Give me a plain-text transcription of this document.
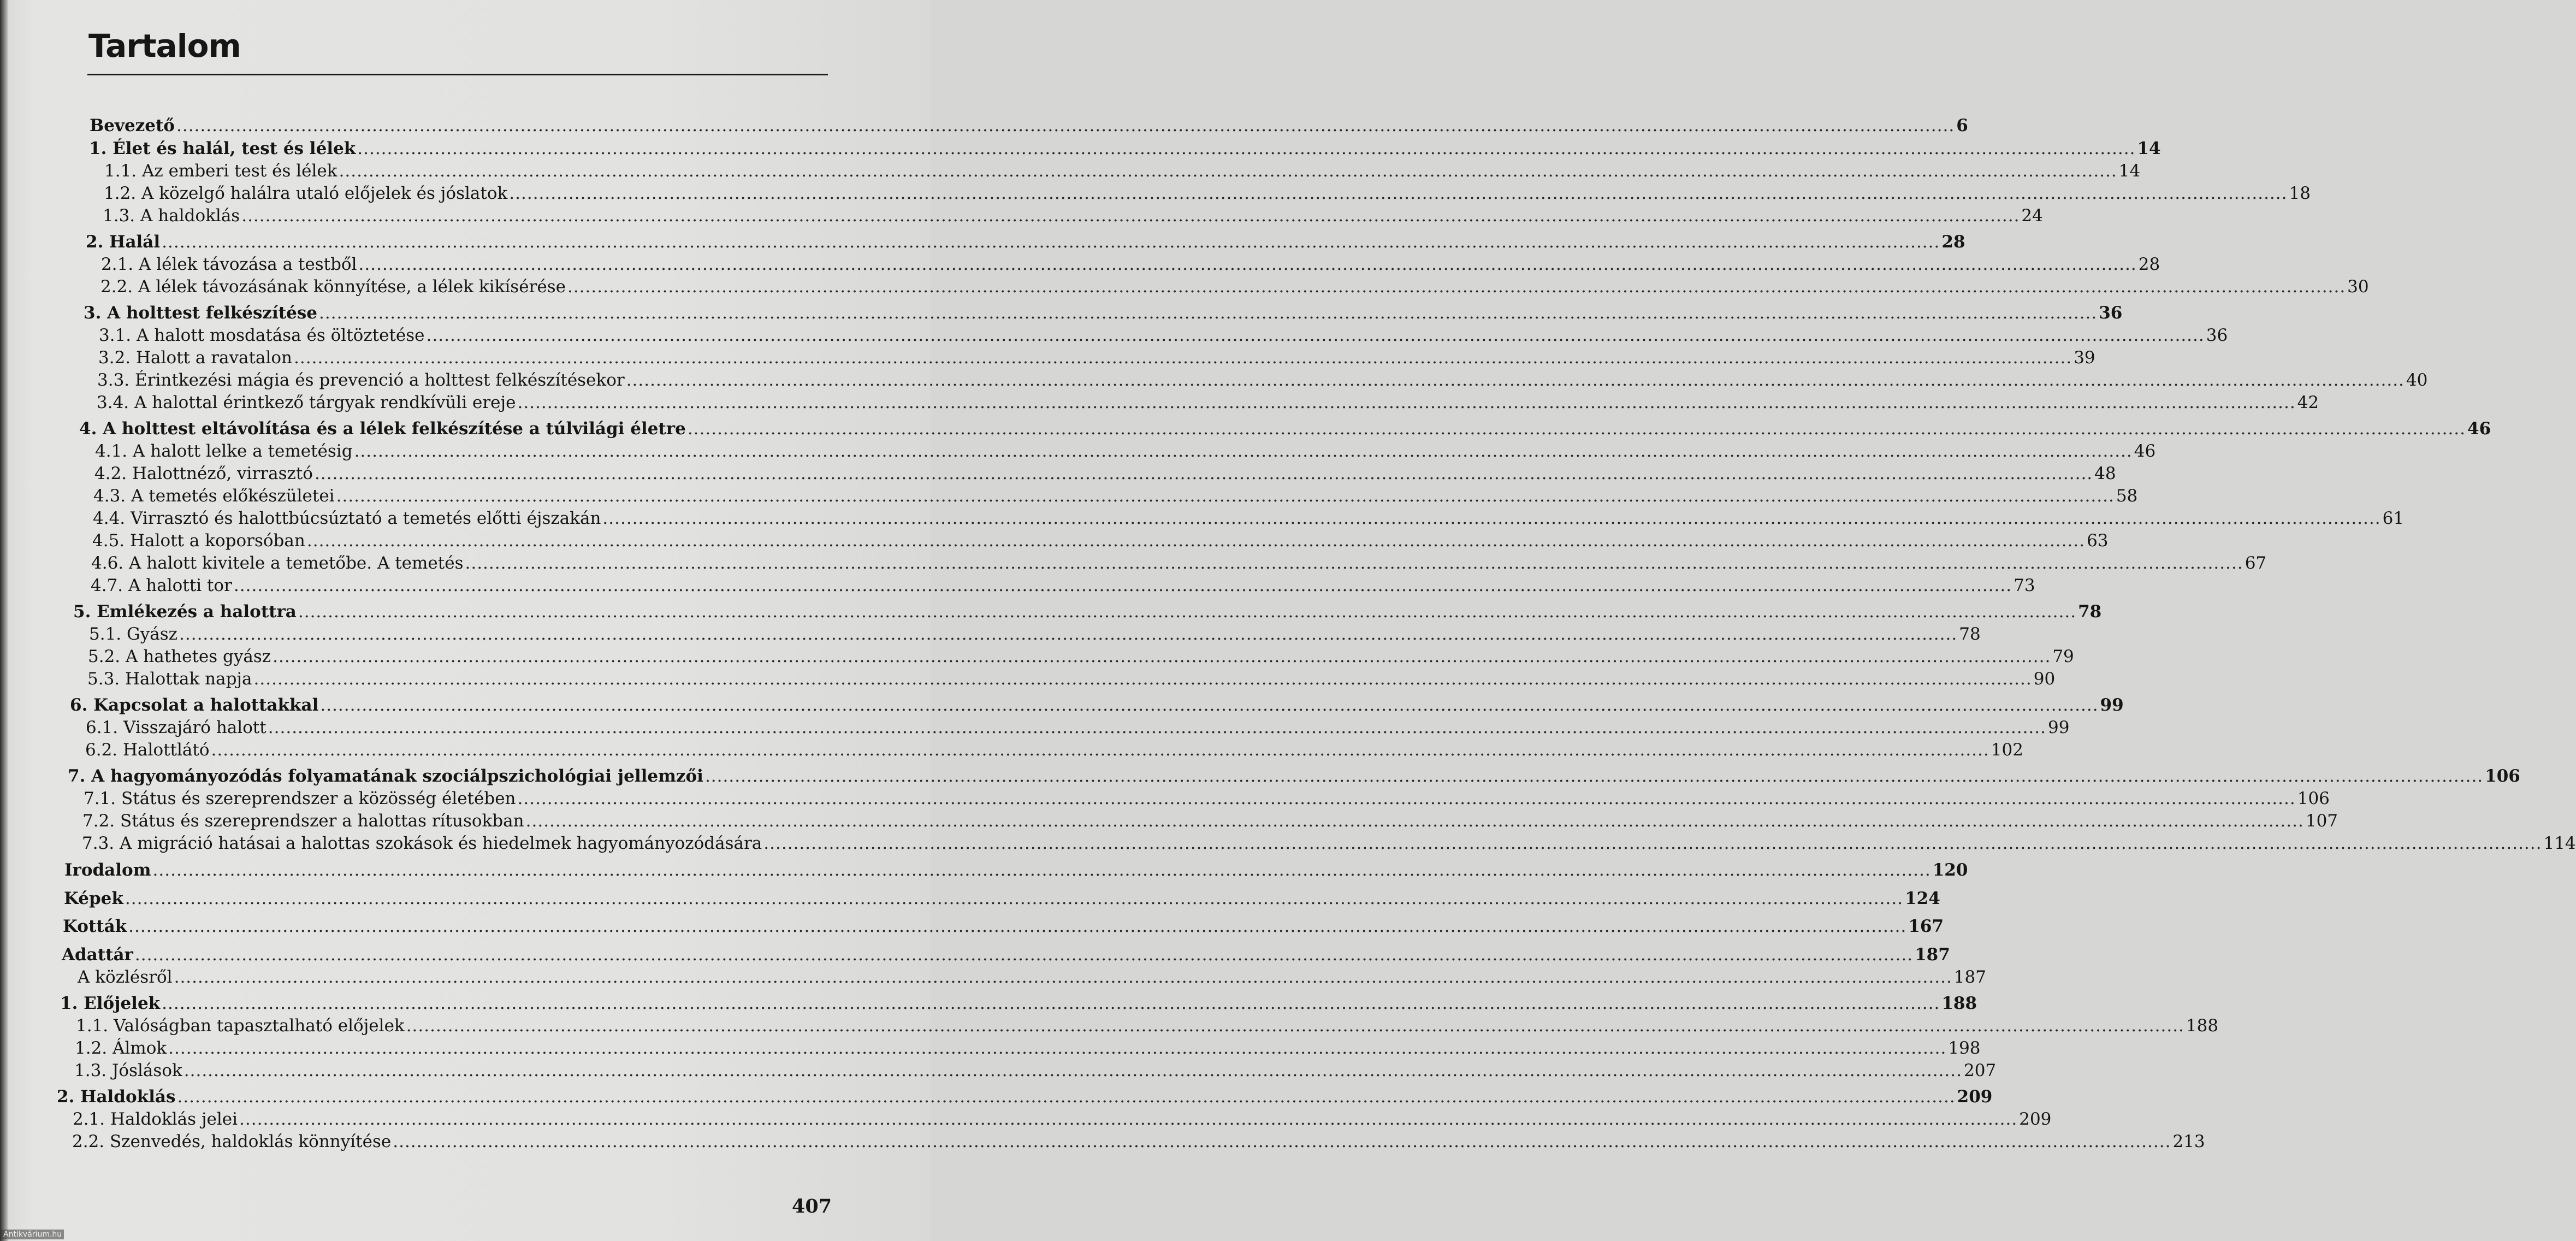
Tartalom
Bevezető ............................................................................................................................................................................................................................................................................................................ 6
1. Élet és halál, test és lélek ............................................................................................................................................................................................................................................................................................................ 14
1.1. Az emberi test és lélek ............................................................................................................................................................................................................................................................................................................ 14
1.2. A közelgő halálra utaló előjelek és jóslatok ............................................................................................................................................................................................................................................................................................................ 18
1.3. A haldoklás ............................................................................................................................................................................................................................................................................................................ 24
2. Halál ............................................................................................................................................................................................................................................................................................................ 28
2.1. A lélek távozása a testből ............................................................................................................................................................................................................................................................................................................ 28
2.2. A lélek távozásának könnyítése, a lélek kikísérése ............................................................................................................................................................................................................................................................................................................ 30
3. A holttest felkészítése ............................................................................................................................................................................................................................................................................................................ 36
3.1. A halott mosdatása és öltöztetése ............................................................................................................................................................................................................................................................................................................ 36
3.2. Halott a ravatalon ............................................................................................................................................................................................................................................................................................................ 39
3.3. Érintkezési mágia és prevenció a holttest felkészítésekor ............................................................................................................................................................................................................................................................................................................ 40
3.4. A halottal érintkező tárgyak rendkívüli ereje ............................................................................................................................................................................................................................................................................................................ 42
4. A holttest eltávolítása és a lélek felkészítése a túlvilági életre ............................................................................................................................................................................................................................................................................................................ 46
4.1. A halott lelke a temetésig ............................................................................................................................................................................................................................................................................................................ 46
4.2. Halottnéző, virrasztó ............................................................................................................................................................................................................................................................................................................ 48
4.3. A temetés előkészületei ............................................................................................................................................................................................................................................................................................................ 58
4.4. Virrasztó és halottbúcsúztató a temetés előtti éjszakán ............................................................................................................................................................................................................................................................................................................ 61
4.5. Halott a koporsóban ............................................................................................................................................................................................................................................................................................................ 63
4.6. A halott kivitele a temetőbe. A temetés ............................................................................................................................................................................................................................................................................................................ 67
4.7. A halotti tor ............................................................................................................................................................................................................................................................................................................ 73
5. Emlékezés a halottra ............................................................................................................................................................................................................................................................................................................ 78
5.1. Gyász ............................................................................................................................................................................................................................................................................................................ 78
5.2. A hathetes gyász ............................................................................................................................................................................................................................................................................................................ 79
5.3. Halottak napja ............................................................................................................................................................................................................................................................................................................ 90
6. Kapcsolat a halottakkal ............................................................................................................................................................................................................................................................................................................ 99
6.1. Visszajáró halott ............................................................................................................................................................................................................................................................................................................ 99
6.2. Halottlátó ............................................................................................................................................................................................................................................................................................................ 102
7. A hagyományozódás folyamatának szociálpszichológiai jellemzői ............................................................................................................................................................................................................................................................................................................ 106
7.1. Státus és szereprendszer a közösség életében ............................................................................................................................................................................................................................................................................................................ 106
7.2. Státus és szereprendszer a halottas rítusokban ............................................................................................................................................................................................................................................................................................................ 107
7.3. A migráció hatásai a halottas szokások és hiedelmek hagyományozódására ............................................................................................................................................................................................................................................................................................................ 114
Irodalom ............................................................................................................................................................................................................................................................................................................ 120
Képek ............................................................................................................................................................................................................................................................................................................ 124
Kották ............................................................................................................................................................................................................................................................................................................ 167
Adattár ............................................................................................................................................................................................................................................................................................................ 187
A közlésről ............................................................................................................................................................................................................................................................................................................ 187
1. Előjelek ............................................................................................................................................................................................................................................................................................................ 188
1.1. Valóságban tapasztalható előjelek ............................................................................................................................................................................................................................................................................................................ 188
1.2. Álmok ............................................................................................................................................................................................................................................................................................................ 198
1.3. Jóslások ............................................................................................................................................................................................................................................................................................................ 207
2. Haldoklás ............................................................................................................................................................................................................................................................................................................ 209
2.1. Haldoklás jelei ............................................................................................................................................................................................................................................................................................................ 209
2.2. Szenvedés, haldoklás könnyítése ............................................................................................................................................................................................................................................................................................................ 213
407
Antikvárium.hu
